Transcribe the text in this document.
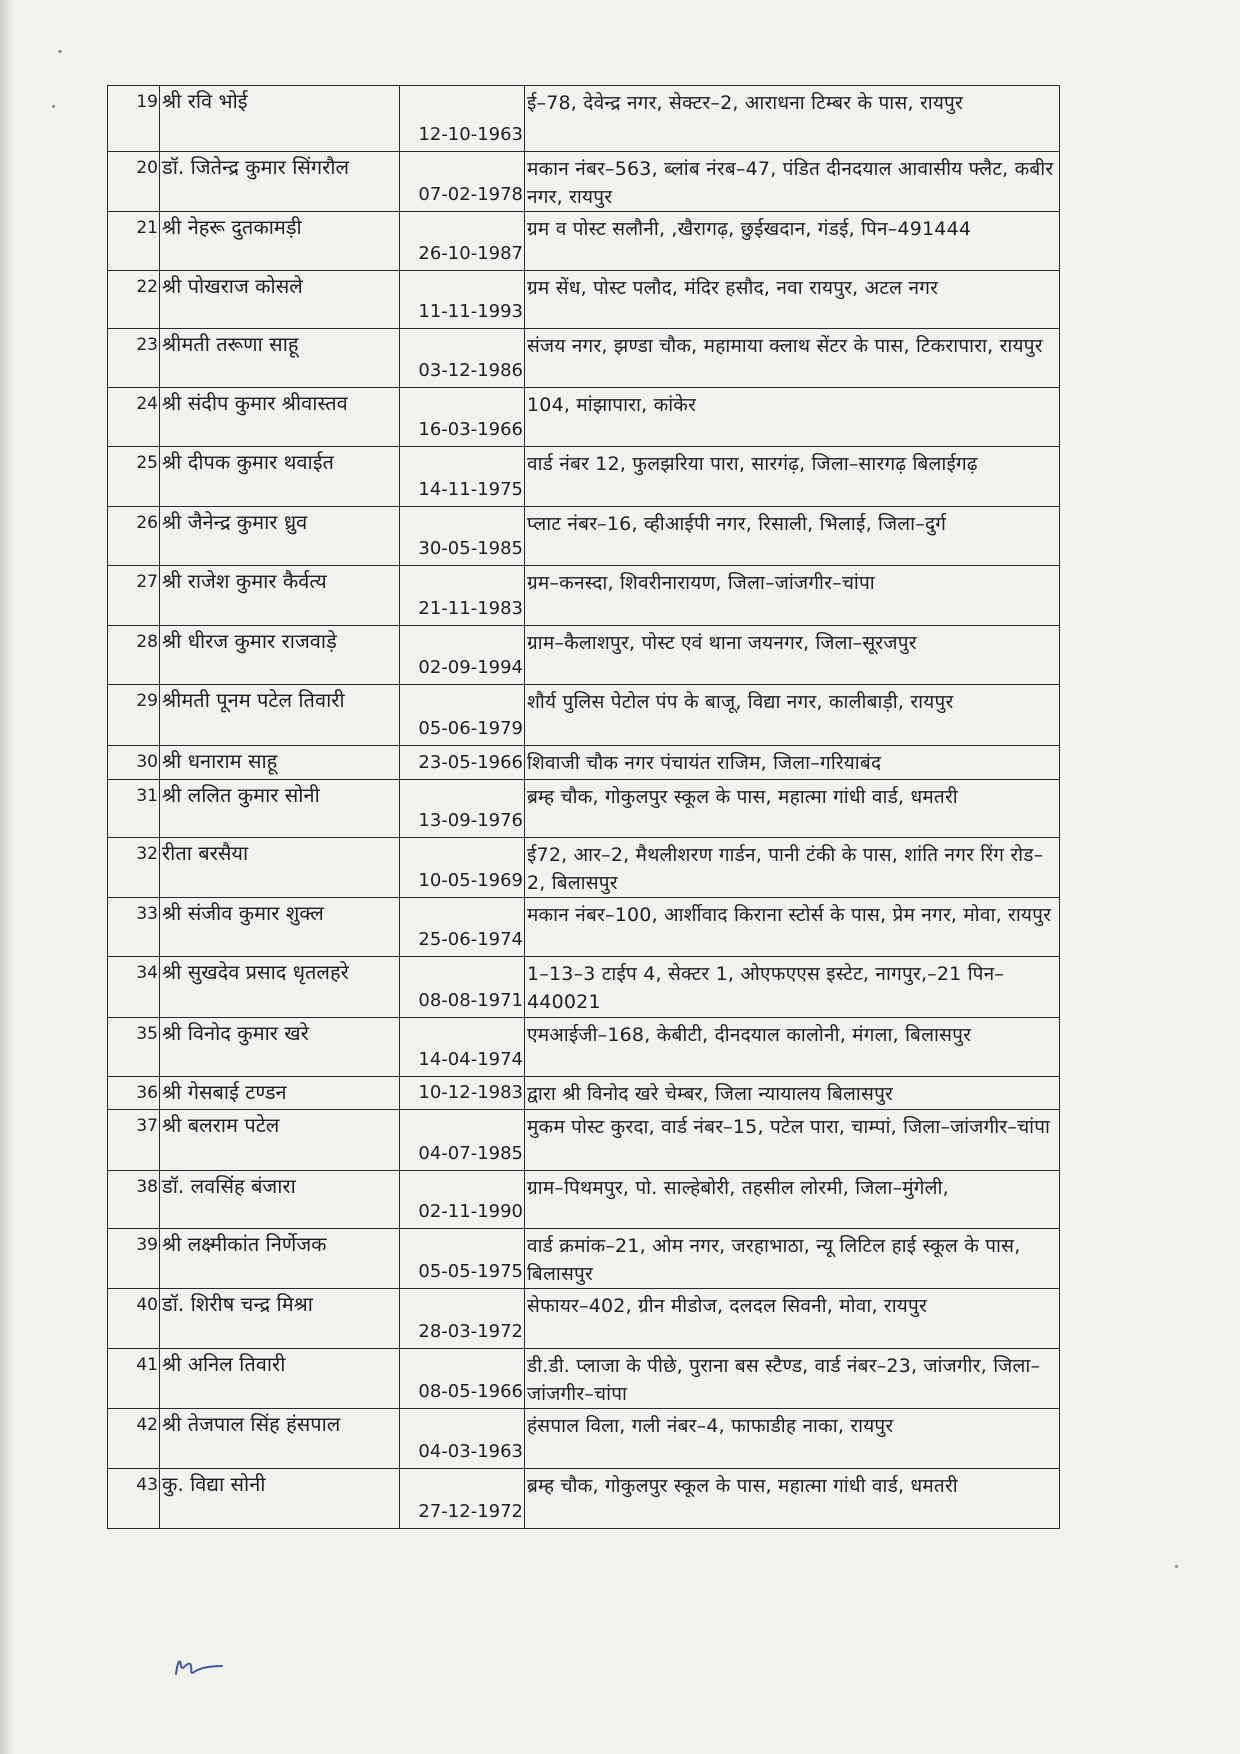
19	श्री रवि भोई	12-10-1963	ई–78, देवेन्द्र नगर, सेक्टर–2, आराधना टिम्बर के पास, रायपुर
20	डॉ. जितेन्द्र कुमार सिंगरौल	07-02-1978	मकान नंबर–563, ब्लांब नंरब–47, पंडित दीनदयाल आवासीय फ्लैट, कबीर नगर, रायपुर
21	श्री नेहरू दुतकामड़ी	26-10-1987	ग्रम व पोस्ट सलौनी, ,खैरागढ़, छुईखदान, गंडई, पिन–491444
22	श्री पोखराज कोसले	11-11-1993	ग्रम सेंध, पोस्ट पलौद, मंदिर हसौद, नवा रायपुर, अटल नगर
23	श्रीमती तरूणा साहू	03-12-1986	संजय नगर, झण्डा चौक, महामाया क्लाथ सेंटर के पास, टिकरापारा, रायपुर
24	श्री संदीप कुमार श्रीवास्तव	16-03-1966	104, मांझापारा, कांकेर
25	श्री दीपक कुमार थवाईत	14-11-1975	वार्ड नंबर 12, फुलझरिया पारा, सारगंढ़, जिला–सारगढ़ बिलाईगढ़
26	श्री जैनेन्द्र कुमार ध्रुव	30-05-1985	प्लाट नंबर–16, व्हीआईपी नगर, रिसाली, भिलाई, जिला–दुर्ग
27	श्री राजेश कुमार कैर्वत्य	21-11-1983	ग्रम–कनस्दा, शिवरीनारायण, जिला–जांजगीर–चांपा
28	श्री धीरज कुमार राजवाड़े	02-09-1994	ग्राम–कैलाशपुर, पोस्ट एवं थाना जयनगर, जिला–सूरजपुर
29	श्रीमती पूनम पटेल तिवारी	05-06-1979	शौर्य पुलिस पेटोल पंप के बाजू, विद्या नगर, कालीबाड़ी, रायपुर
30	श्री धनाराम साहू	23-05-1966	शिवाजी चौक नगर पंचायंत राजिम, जिला–गरियाबंद
31	श्री ललित कुमार सोनी	13-09-1976	ब्रम्ह चौक, गोकुलपुर स्कूल के पास, महात्मा गांधी वार्ड, धमतरी
32	रीता बरसैया	10-05-1969	ई72, आर–2, मैथलीशरण गार्डन, पानी टंकी के पास, शांति नगर रिंग रोड–2, बिलासपुर
33	श्री संजीव कुमार शुक्ल	25-06-1974	मकान नंबर–100, आर्शीवाद किराना स्टोर्स के पास, प्रेम नगर, मोवा, रायपुर
34	श्री सुखदेव प्रसाद धृतलहरे	08-08-1971	1–13–3 टाईप 4, सेक्टर 1, ओएफएएस इस्टेट, नागपुर,–21 पिन–440021
35	श्री विनोद कुमार खरे	14-04-1974	एमआईजी–168, केबीटी, दीनदयाल कालोनी, मंगला, बिलासपुर
36	श्री गेसबाई टण्डन	10-12-1983	द्वारा श्री विनोद खरे चेम्बर, जिला न्यायालय बिलासपुर
37	श्री बलराम पटेल	04-07-1985	मुकम पोस्ट कुरदा, वार्ड नंबर–15, पटेल पारा, चाम्पां, जिला–जांजगीर–चांपा
38	डॉ. लवसिंह बंजारा	02-11-1990	ग्राम–पिथमपुर, पो. साल्हेबोरी, तहसील लोरमी, जिला–मुंगेली,
39	श्री लक्ष्मीकांत निर्णेजक	05-05-1975	वार्ड क्रमांक–21, ओम नगर, जरहाभाठा, न्यू लिटिल हाई स्कूल के पास, बिलासपुर
40	डॉ. शिरीष चन्द्र मिश्रा	28-03-1972	सेफायर–402, ग्रीन मीडोज, दलदल सिवनी, मोवा, रायपुर
41	श्री अनिल तिवारी	08-05-1966	डी.डी. प्लाजा के पीछे, पुराना बस स्टैण्ड, वार्ड नंबर–23, जांजगीर, जिला–जांजगीर–चांपा
42	श्री तेजपाल सिंह हंसपाल	04-03-1963	हंसपाल विला, गली नंबर–4, फाफाडीह नाका, रायपुर
43	कु. विद्या सोनी	27-12-1972	ब्रम्ह चौक, गोकुलपुर स्कूल के पास, महात्मा गांधी वार्ड, धमतरी
